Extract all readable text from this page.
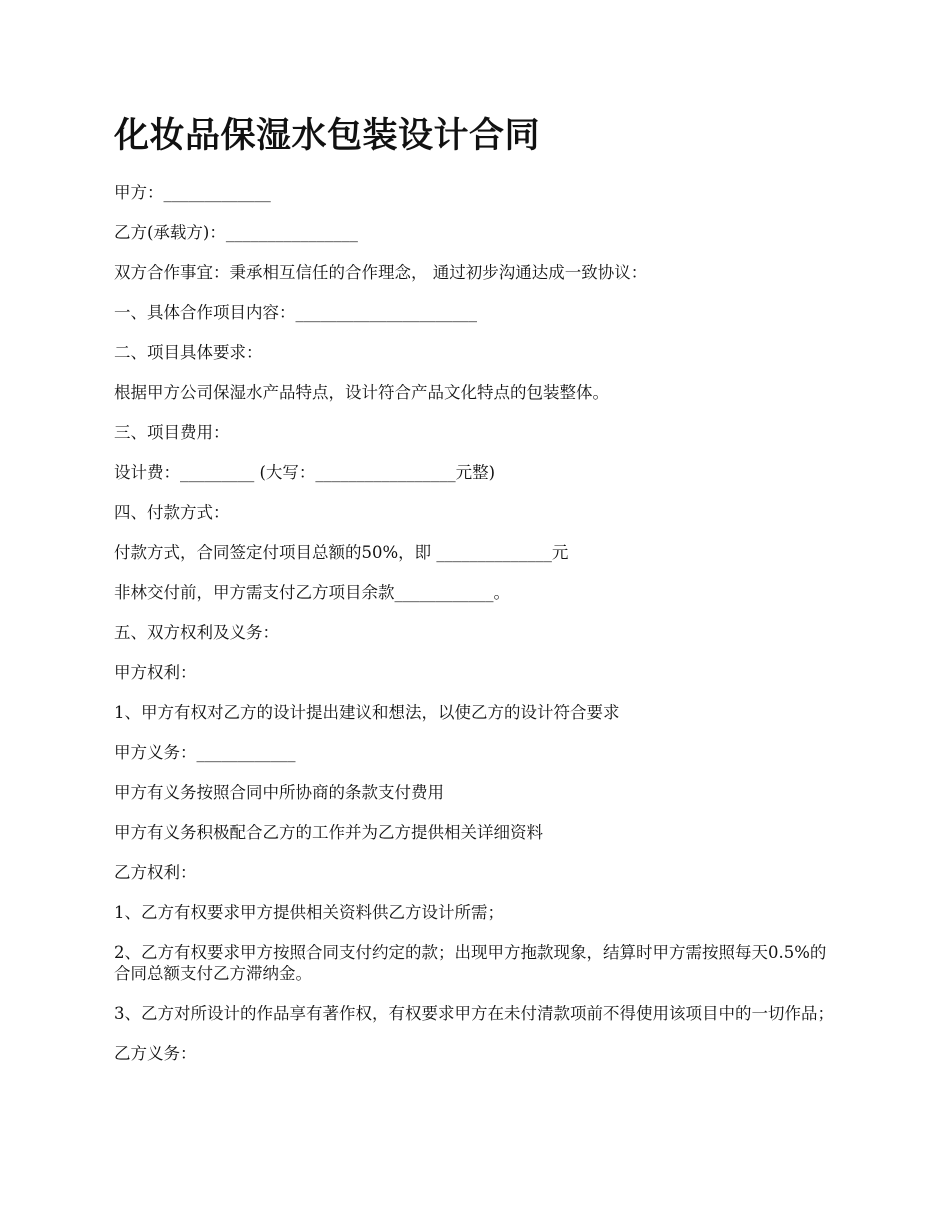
化妆品保湿水包装设计合同

甲方：_____________

乙方(承载方)：________________

双方合作事宜：秉承相互信任的合作理念， 通过初步沟通达成一致协议：

一、具体合作项目内容：______________________

二、项目具体要求：

根据甲方公司保湿水产品特点，设计符合产品文化特点的包装整体。

三、项目费用：

设计费：_________ (大写：_________________元整)

四、付款方式：

付款方式，合同签定付项目总额的50%，即 ______________元

非林交付前，甲方需支付乙方项目余款____________。

五、双方权利及义务：

甲方权利：

1、甲方有权对乙方的设计提出建议和想法，以使乙方的设计符合要求

甲方义务：____________

甲方有义务按照合同中所协商的条款支付费用

甲方有义务积极配合乙方的工作并为乙方提供相关详细资料

乙方权利：

1、乙方有权要求甲方提供相关资料供乙方设计所需；

2、乙方有权要求甲方按照合同支付约定的款；出现甲方拖款现象，结算时甲方需按照每天0.5%的合同总额支付乙方滞纳金。

3、乙方对所设计的作品享有著作权，有权要求甲方在未付清款项前不得使用该项目中的一切作品；

乙方义务：
